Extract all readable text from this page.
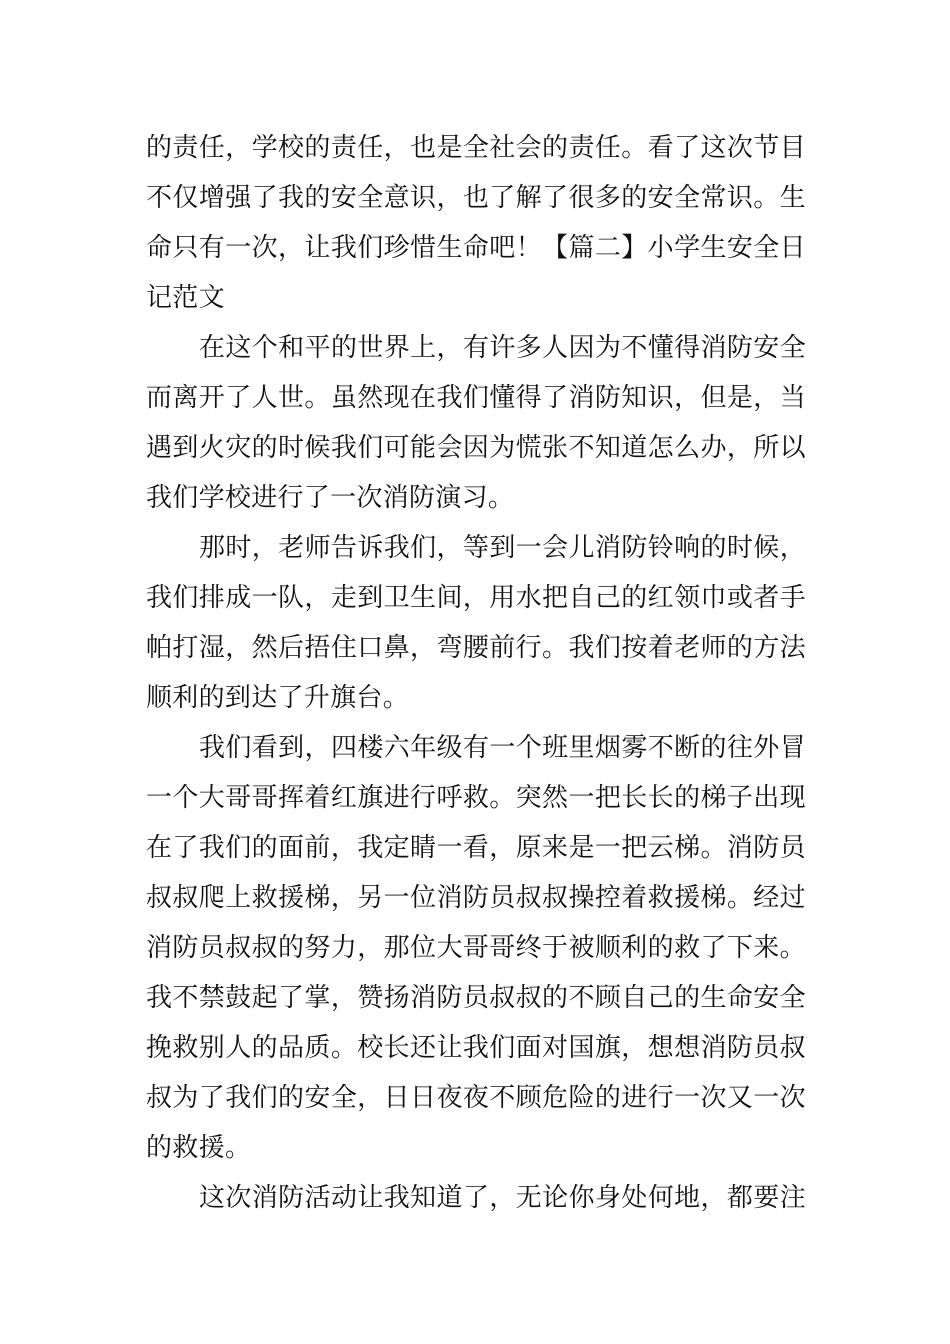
的责任，学校的责任，也是全社会的责任。看了这次节目
不仅增强了我的安全意识，也了解了很多的安全常识。生
命只有一次，让我们珍惜生命吧！【篇二】小学生安全日
记范文
在这个和平的世界上，有许多人因为不懂得消防安全
而离开了人世。虽然现在我们懂得了消防知识，但是，当
遇到火灾的时候我们可能会因为慌张不知道怎么办，所以
我们学校进行了一次消防演习。
那时，老师告诉我们，等到一会儿消防铃响的时候，
我们排成一队，走到卫生间，用水把自己的红领巾或者手
帕打湿，然后捂住口鼻，弯腰前行。我们按着老师的方法
顺利的到达了升旗台。
我们看到，四楼六年级有一个班里烟雾不断的往外冒
一个大哥哥挥着红旗进行呼救。突然一把长长的梯子出现
在了我们的面前，我定睛一看，原来是一把云梯。消防员
叔叔爬上救援梯，另一位消防员叔叔操控着救援梯。经过
消防员叔叔的努力，那位大哥哥终于被顺利的救了下来。
我不禁鼓起了掌，赞扬消防员叔叔的不顾自己的生命安全
挽救别人的品质。校长还让我们面对国旗，想想消防员叔
叔为了我们的安全，日日夜夜不顾危险的进行一次又一次
的救援。
这次消防活动让我知道了，无论你身处何地，都要注
